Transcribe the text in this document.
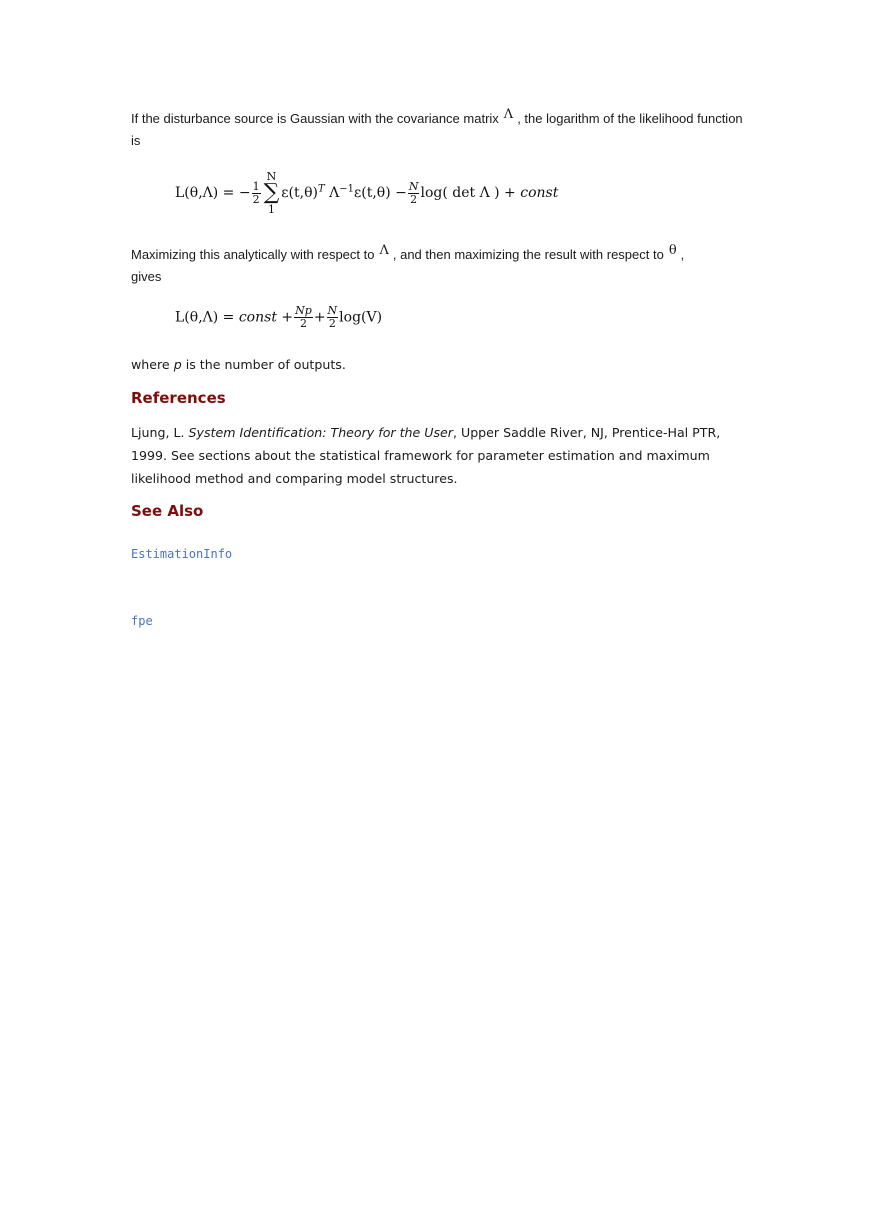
If the disturbance source is Gaussian with the covariance matrix Λ , the logarithm of the likelihood function is

L(θ,Λ) = − $\frac{1}{2}$
N
∑
1
$\varepsilon(t,\theta)^T$ $\Lambda^{-1}\varepsilon(t,\theta) - \frac{N}{2} \log$( det Λ ) + const

Maximizing this analytically with respect to Λ , and then maximizing the result with respect to θ ,
gives

L(θ,Λ) = const + $\frac{Np}{2} + \frac{N}{2} \log(V)$

where p is the number of outputs.

References

Ljung, L. System Identification: Theory for the User, Upper Saddle River, NJ, Prentice-Hal PTR,
1999. See sections about the statistical framework for parameter estimation and maximum
likelihood method and comparing model structures.

See Also
EstimationInfo
fpe
